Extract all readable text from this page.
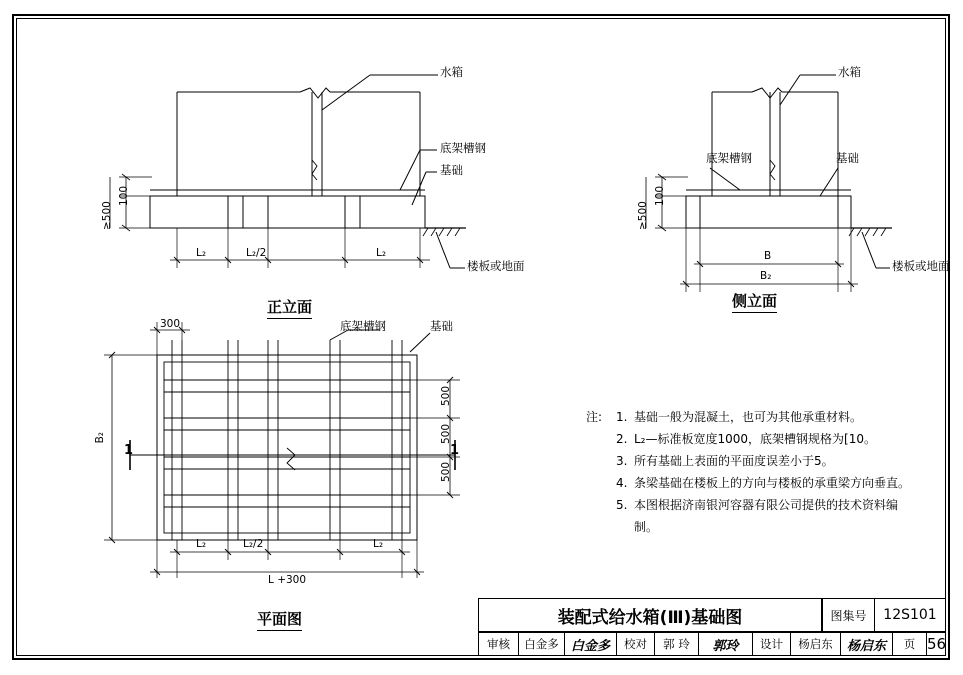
水箱
底架槽钢
基础
楼板或地面
≥500
100
L₂	L₂/2	L₂
正立面
水箱
底架槽钢	基础
楼板或地面
≥500
100
B
B₂
侧立面
底架槽钢	基础
300
B₂
500
500
500
L₂	L₂/2	L₂
L +300
1	1
平面图
注:	1. 基础一般为混凝土，也可为其他承重材料。
2. L₂—标准板宽度1000，底架槽钢规格为[10。
3. 所有基础上表面的平面度误差小于5。
4. 条梁基础在楼板上的方向与楼板的承重梁方向垂直。
5. 本图根据济南银河容器有限公司提供的技术资料编制。
装配式给水箱(Ⅲ)基础图	图集号	12S101
审核	白金多 白金多	校对	郭 玲	郭玲	设计	杨启东	杨启东	页 56
